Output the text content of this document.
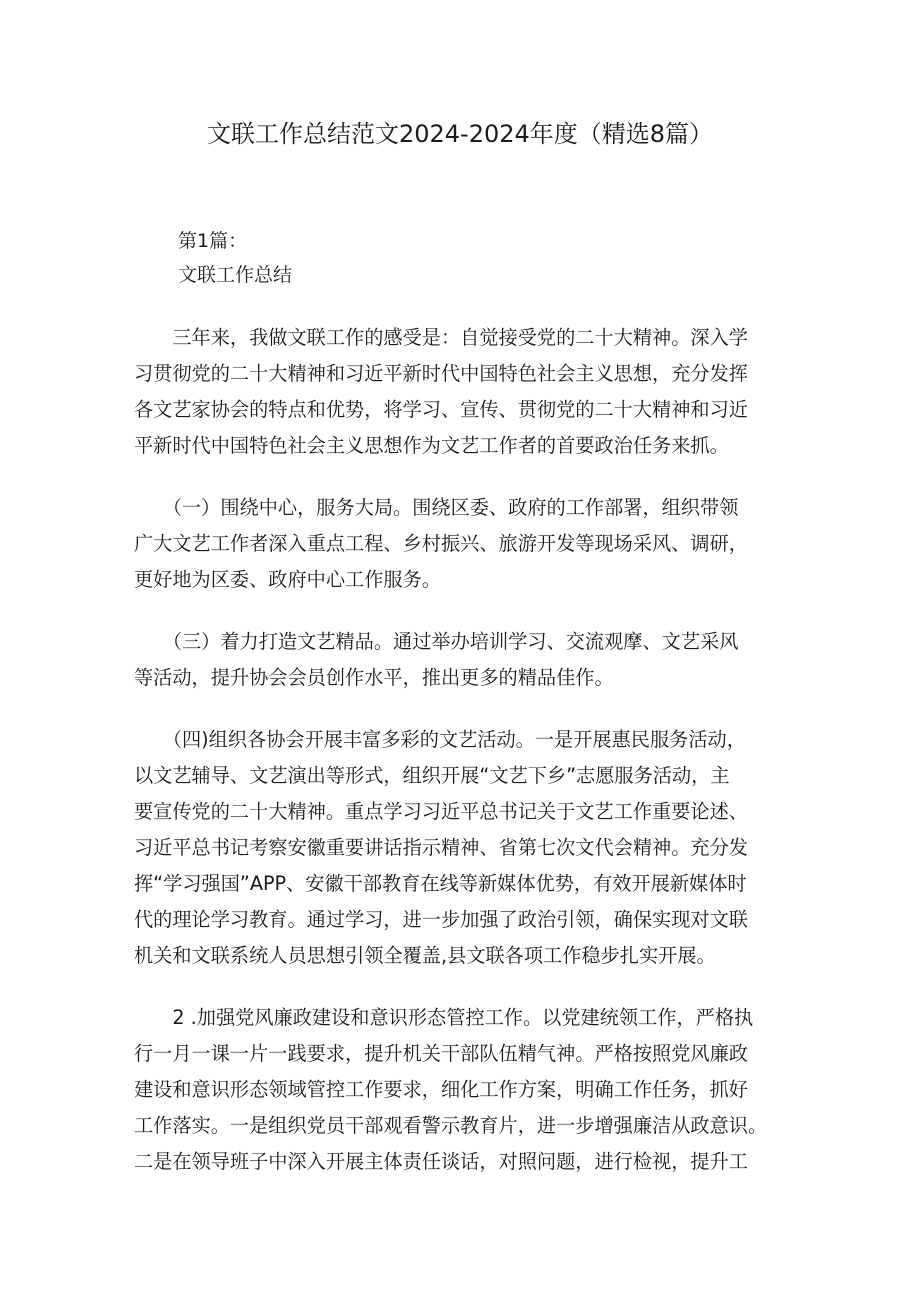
文联工作总结范文2024-2024年度（精选8篇）

第1篇：

文联工作总结

　　三年来，我做文联工作的感受是：自觉接受党的二十大精神。深入学
习贯彻党的二十大精神和习近平新时代中国特色社会主义思想，充分发挥
各文艺家协会的特点和优势，将学习、宣传、贯彻党的二十大精神和习近
平新时代中国特色社会主义思想作为文艺工作者的首要政治任务来抓。
　　（一）围绕中心，服务大局。围绕区委、政府的工作部署，组织带领
广大文艺工作者深入重点工程、乡村振兴、旅游开发等现场采风、调研，
更好地为区委、政府中心工作服务。
　　（三）着力打造文艺精品。通过举办培训学习、交流观摩、文艺采风
等活动，提升协会会员创作水平，推出更多的精品佳作。
　　（四)组织各协会开展丰富多彩的文艺活动。一是开展惠民服务活动，
以文艺辅导、文艺演出等形式，组织开展“文艺下乡”志愿服务活动，主
要宣传党的二十大精神。重点学习习近平总书记关于文艺工作重要论述、
习近平总书记考察安徽重要讲话指示精神、省第七次文代会精神。充分发
挥“学习强国”APP、安徽干部教育在线等新媒体优势，有效开展新媒体时
代的理论学习教育。通过学习，进一步加强了政治引领，确保实现对文联
机关和文联系统人员思想引领全覆盖,县文联各项工作稳步扎实开展。
　　2 .加强党风廉政建设和意识形态管控工作。以党建统领工作，严格执
行一月一课一片一践要求，提升机关干部队伍精气神。严格按照党风廉政
建设和意识形态领域管控工作要求，细化工作方案，明确工作任务，抓好
工作落实。一是组织党员干部观看警示教育片，进一步增强廉洁从政意识。
二是在领导班子中深入开展主体责任谈话，对照问题，进行检视，提升工
